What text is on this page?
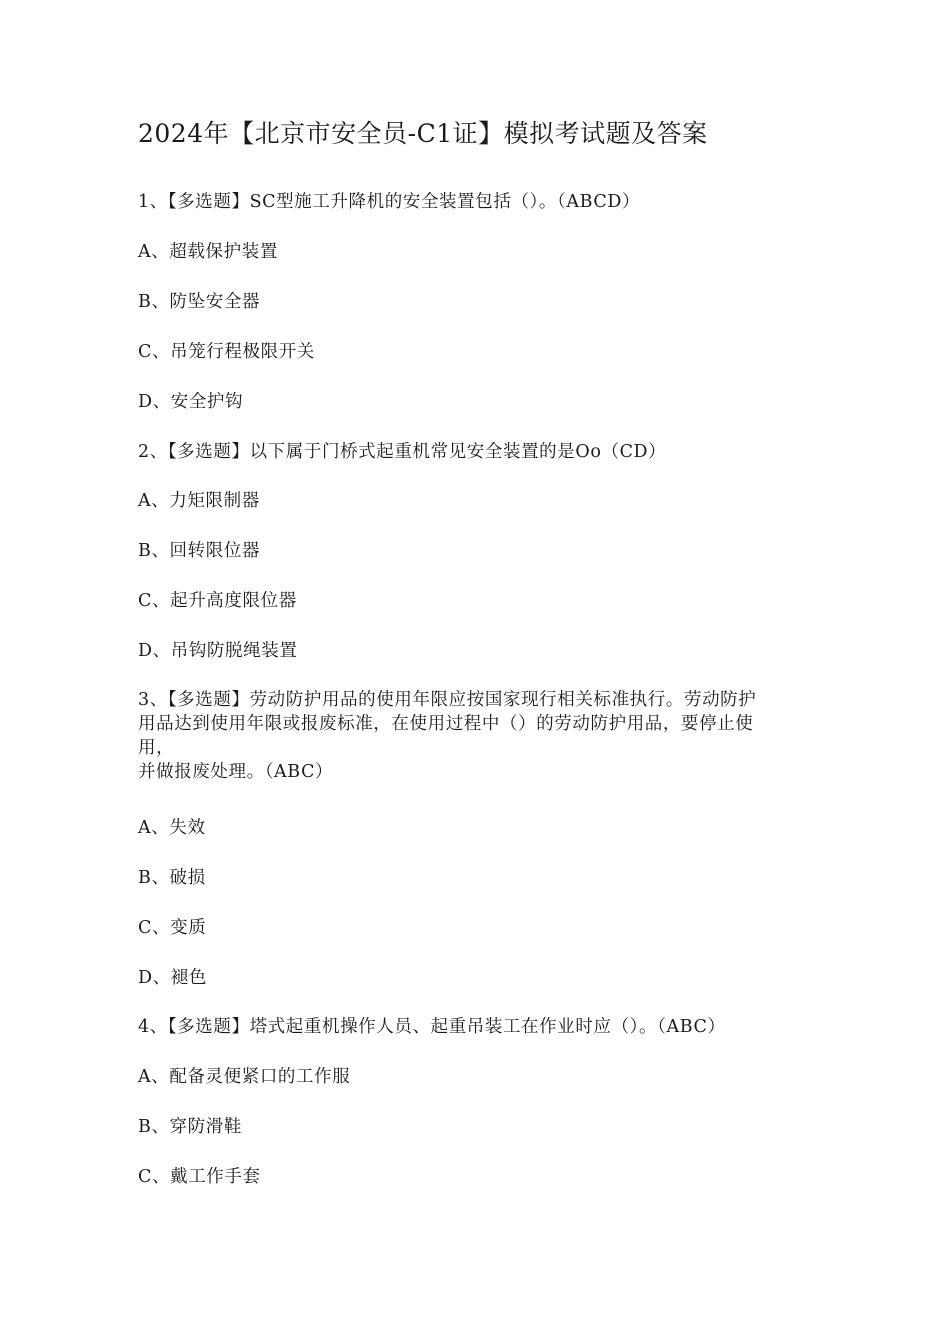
2024年【北京市安全员-C1证】模拟考试题及答案
1、【多选题】SC型施工升降机的安全装置包括（）。（ABCD）
A、超载保护装置
B、防坠安全器
C、吊笼行程极限开关
D、安全护钩
2、【多选题】以下属于门桥式起重机常见安全装置的是Oo（CD）
A、力矩限制器
B、回转限位器
C、起升高度限位器
D、吊钩防脱绳装置
3、【多选题】劳动防护用品的使用年限应按国家现行相关标准执行。劳动防护
用品达到使用年限或报废标准，在使用过程中（）的劳动防护用品，要停止使
用，
并做报废处理。（ABC）
A、失效
B、破损
C、变质
D、褪色
4、【多选题】塔式起重机操作人员、起重吊装工在作业时应（）。（ABC）
A、配备灵便紧口的工作服
B、穿防滑鞋
C、戴工作手套
